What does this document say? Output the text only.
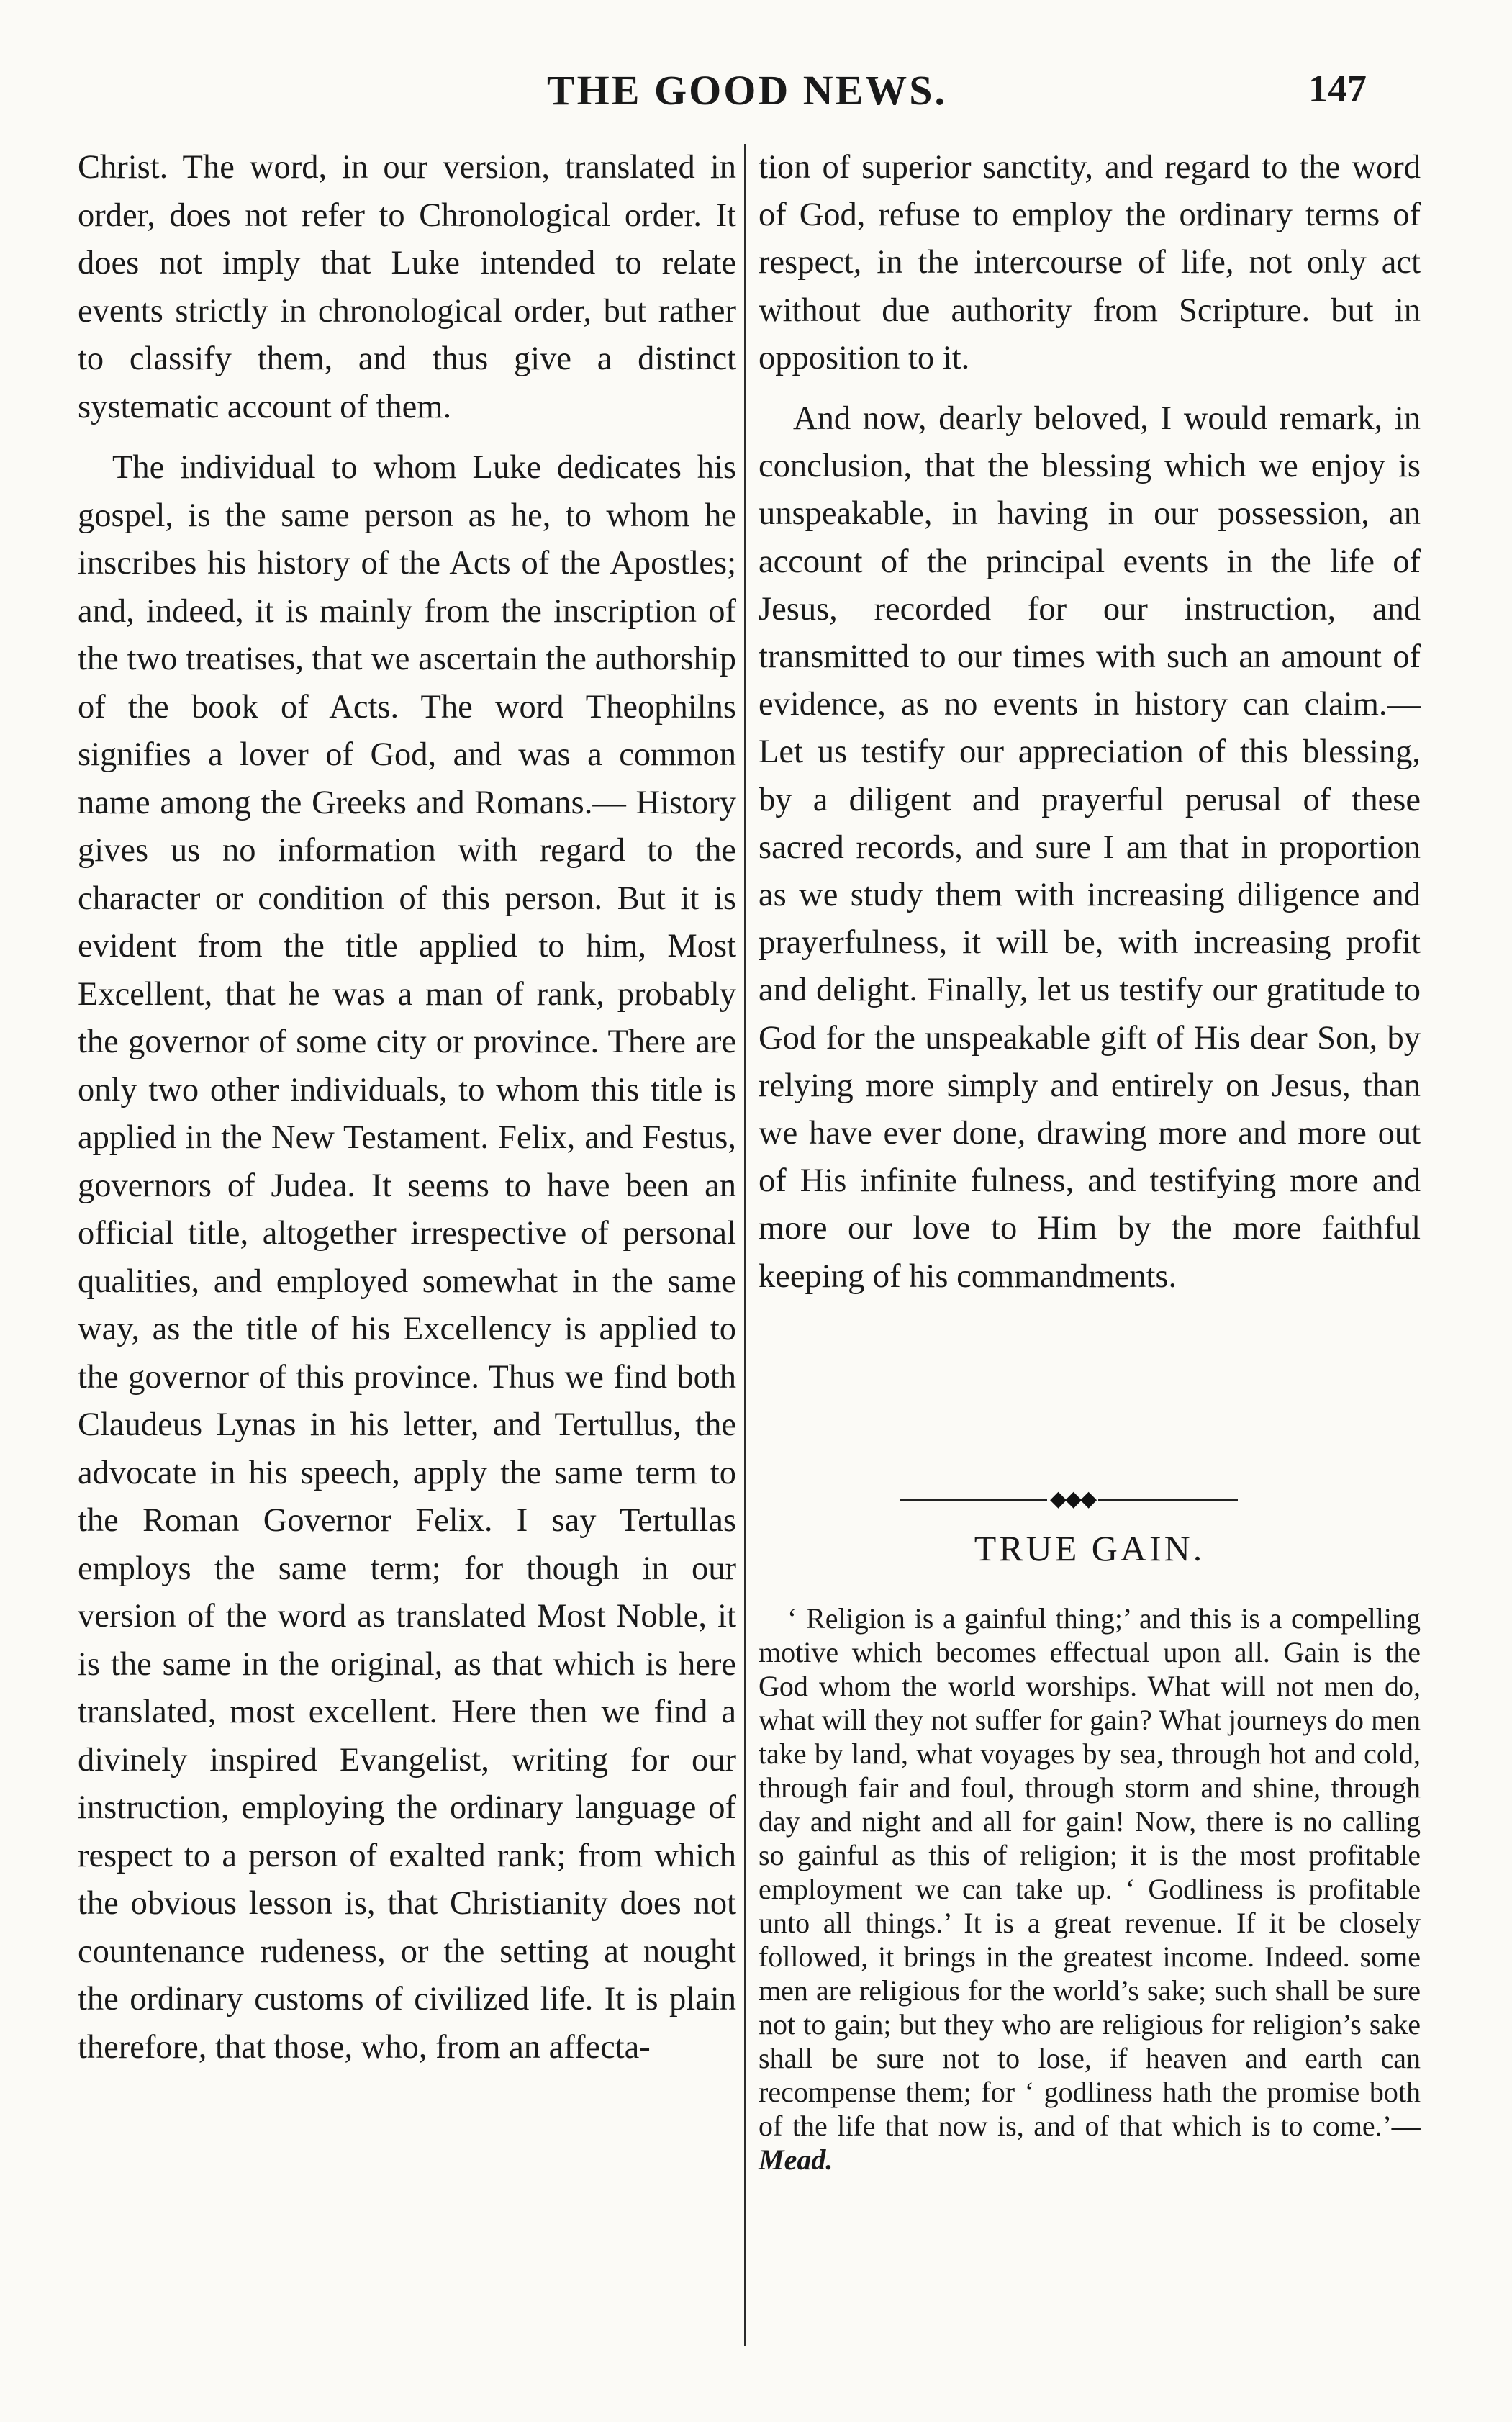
THE GOOD NEWS.	147

Christ. The word, in our version, translated in order, does not refer to Chronological order. It does not imply that Luke intended to relate events strictly in chronological order, but rather to classify them, and thus give a distinct systematic account of them.

The individual to whom Luke dedicates his gospel, is the same person as he, to whom he inscribes his history of the Acts of the Apostles; and, indeed, it is mainly from the inscription of the two treatises, that we ascertain the authorship of the book of Acts. The word Theophilns signifies a lover of God, and was a common name among the Greeks and Romans.— History gives us no information with regard to the character or condition of this person. But it is evident from the title applied to him, Most Excellent, that he was a man of rank, probably the governor of some city or province. There are only two other individuals, to whom this title is applied in the New Testament. Felix, and Festus, governors of Judea. It seems to have been an official title, altogether irrespective of personal qualities, and employed somewhat in the same way, as the title of his Excellency is applied to the governor of this province. Thus we find both Claudeus Lynas in his letter, and Tertullus, the advocate in his speech, apply the same term to the Roman Governor Felix. I say Tertullas employs the same term; for though in our version of the word as translated Most Noble, it is the same in the original, as that which is here translated, most excellent. Here then we find a divinely inspired Evangelist, writing for our instruction, employing the ordinary language of respect to a person of exalted rank; from which the obvious lesson is, that Christianity does not countenance rudeness, or the setting at nought the ordinary customs of civilized life. It is plain therefore, that those, who, from an affecta-

tion of superior sanctity, and regard to the word of God, refuse to employ the ordinary terms of respect, in the intercourse of life, not only act without due authority from Scripture. but in opposition to it.

And now, dearly beloved, I would remark, in conclusion, that the blessing which we enjoy is unspeakable, in having in our possession, an account of the principal events in the life of Jesus, recorded for our instruction, and transmitted to our times with such an amount of evidence, as no events in history can claim.— Let us testify our appreciation of this blessing, by a diligent and prayerful perusal of these sacred records, and sure I am that in proportion as we study them with increasing diligence and prayerfulness, it will be, with increasing profit and delight. Finally, let us testify our gratitude to God for the unspeakable gift of His dear Son, by relying more simply and entirely on Jesus, than we have ever done, drawing more and more out of His infinite fulness, and testifying more and more our love to Him by the more faithful keeping of his commandments.

◆◆◆
TRUE GAIN.
‘ Religion is a gainful thing;’ and this is a compelling motive which becomes effectual upon all. Gain is the God whom the world worships. What will not men do, what will they not suffer for gain? What journeys do men take by land, what voyages by sea, through hot and cold, through fair and foul, through storm and shine, through day and night and all for gain! Now, there is no calling so gainful as this of religion; it is the most profitable employment we can take up. ‘ Godliness is profitable unto all things.’ It is a great revenue. If it be closely followed, it brings in the greatest income. Indeed. some men are religious for the world’s sake; such shall be sure not to gain; but they who are religious for religion’s sake shall be sure not to lose, if heaven and earth can recompense them; for ‘ godliness hath the promise both of the life that now is, and of that which is to come.’—Mead.
